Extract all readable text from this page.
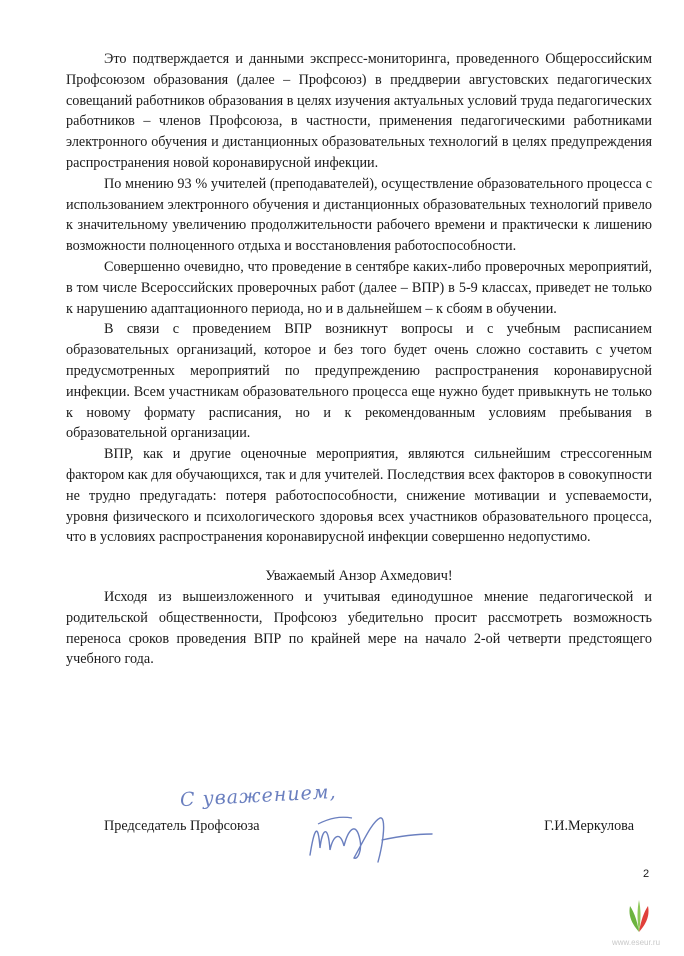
Это подтверждается и данными экспресс-мониторинга, проведенного Общероссийским Профсоюзом образования (далее – Профсоюз) в преддверии августовских педагогических совещаний работников образования в целях изучения актуальных условий труда педагогических работников – членов Профсоюза, в частности, применения педагогическими работниками электронного обучения и дистанционных образовательных технологий в целях предупреждения распространения новой коронавирусной инфекции.

По мнению 93 % учителей (преподавателей), осуществление образовательного процесса с использованием электронного обучения и дистанционных образовательных технологий привело к значительному увеличению продолжительности рабочего времени и практически к лишению возможности полноценного отдыха и восстановления работоспособности.

Совершенно очевидно, что проведение в сентябре каких-либо проверочных мероприятий, в том числе Всероссийских проверочных работ (далее – ВПР) в 5-9 классах, приведет не только к нарушению адаптационного периода, но и в дальнейшем – к сбоям в обучении.

В связи с проведением ВПР возникнут вопросы и с учебным расписанием образовательных организаций, которое и без того будет очень сложно составить с учетом предусмотренных мероприятий по предупреждению распространения коронавирусной инфекции. Всем участникам образовательного процесса еще нужно будет привыкнуть не только к новому формату расписания, но и к рекомендованным условиям пребывания в образовательной организации.

ВПР, как и другие оценочные мероприятия, являются сильнейшим стрессогенным фактором как для обучающихся, так и для учителей. Последствия всех факторов в совокупности не трудно предугадать: потеря работоспособности, снижение мотивации и успеваемости, уровня физического и психологического здоровья всех участников образовательного процесса, что в условиях распространения коронавирусной инфекции совершенно недопустимо.

Уважаемый Анзор Ахмедович!

Исходя из вышеизложенного и учитывая единодушное мнение педагогической и родительской общественности, Профсоюз убедительно просит рассмотреть возможность переноса сроков проведения ВПР по крайней мере на начало 2-ой четверти предстоящего учебного года.

С уважением,
Председатель Профсоюза	Г.И.Меркулова
2
www.eseur.ru
